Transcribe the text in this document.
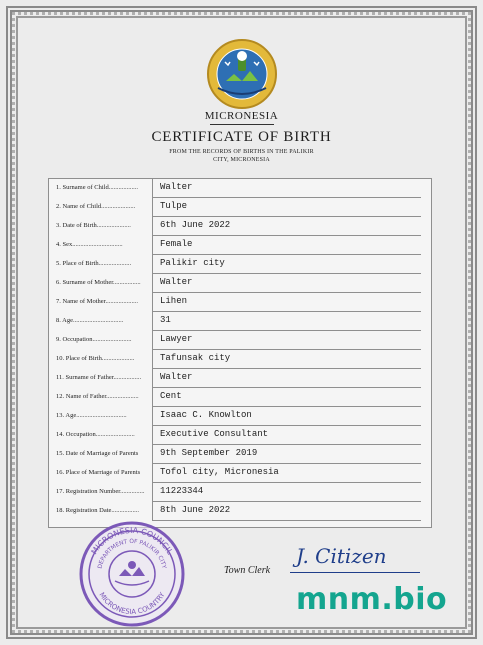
MICRONESIA
CERTIFICATE OF BIRTH
FROM THE RECORDS OF BIRTHS IN THE PALIKIR
CITY, MICRONESIA
1. Surname of Child..................	Walter
2. Name of Child.....................	Tulpe
3. Date of Birth.....................	6th June 2022
4. Sex...............................	Female
5. Place of Birth....................	Palikir city
6. Surname of Mother.................	Walter
7. Name of Mother....................	Lihen
8. Age...............................	31
9. Occupation........................	Lawyer
10. Place of Birth....................	Tafunsak city
11. Surname of Father.................	Walter
12. Name of Father....................	Cent
13. Age...............................	Isaac C. Knowlton
14. Occupation........................	Executive Consultant
15. Date of Marriage of Parents	9th September 2019
16. Place of Marriage of Parents	Tofol city, Micronesia
17. Registration Number...............	11223344
18. Registration Date.................	8th June 2022
MICRONESIA COUNCIL
DEPARTMENT OF PALIKIR CITY
MICRONESIA COUNTRY
Town Clerk
J. Citizen
mnm.bio
